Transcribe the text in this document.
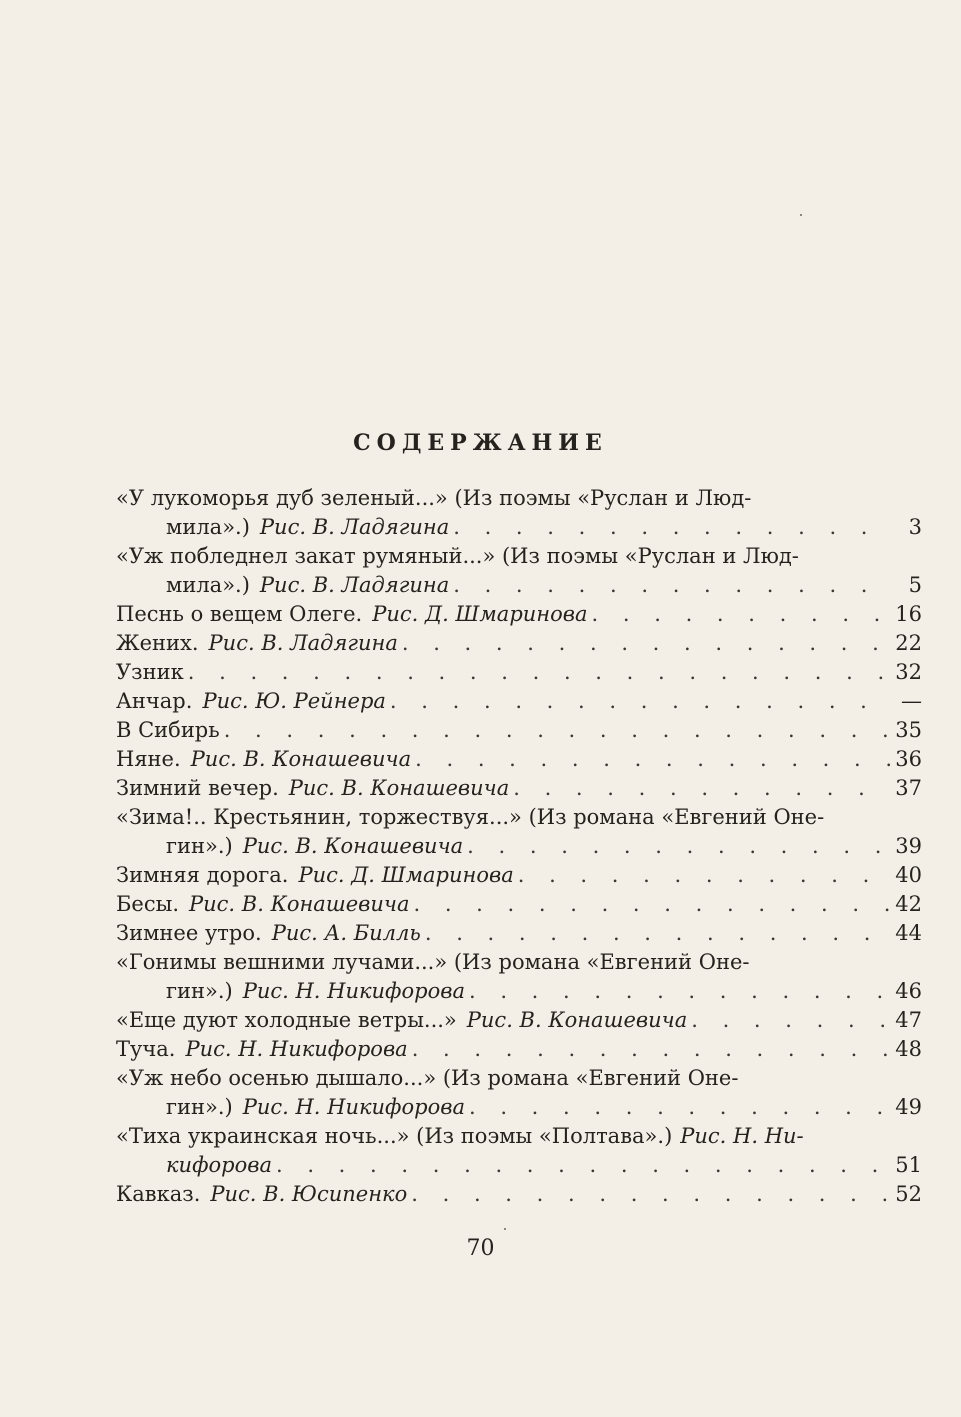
СОДЕРЖАНИЕ
«У лукоморья дуб зеленый...» (Из поэмы «Руслан и Люд-
мила».) Рис. В. Ладягина . . .	3
«Уж побледнел закат румяный...» (Из поэмы «Руслан и Люд-
мила».) Рис. В. Ладягина . . .	5
Песнь о вещем Олеге. Рис. Д. Шмаринова . . .	16
Жених. Рис. В. Ладягина . . .	22
Узник . . .	32
Анчар. Рис. Ю. Рейнера . . .	—
В Сибирь . . .	35
Няне. Рис. В. Конашевича . . .	36
Зимний вечер. Рис. В. Конашевича . . .	37
«Зима!.. Крестьянин, торжествуя...» (Из романа «Евгений Оне-
гин».) Рис. В. Конашевича . . .	39
Зимняя дорога. Рис. Д. Шмаринова . . .	40
Бесы. Рис. В. Конашевича . . .	42
Зимнее утро. Рис. А. Билль . . .	44
«Гонимы вешними лучами...» (Из романа «Евгений Оне-
гин».) Рис. Н. Никифорова . . .	46
«Еще дуют холодные ветры...» Рис. В. Конашевича . . .	47
Туча. Рис. Н. Никифорова . . .	48
«Уж небо осенью дышало...» (Из романа «Евгений Оне-
гин».) Рис. Н. Никифорова . . .	49
«Тиха украинская ночь...» (Из поэмы «Полтава».) Рис. Н. Ни-
кифорова . . .	51
Кавказ. Рис. В. Юсипенко . . .	52
70
